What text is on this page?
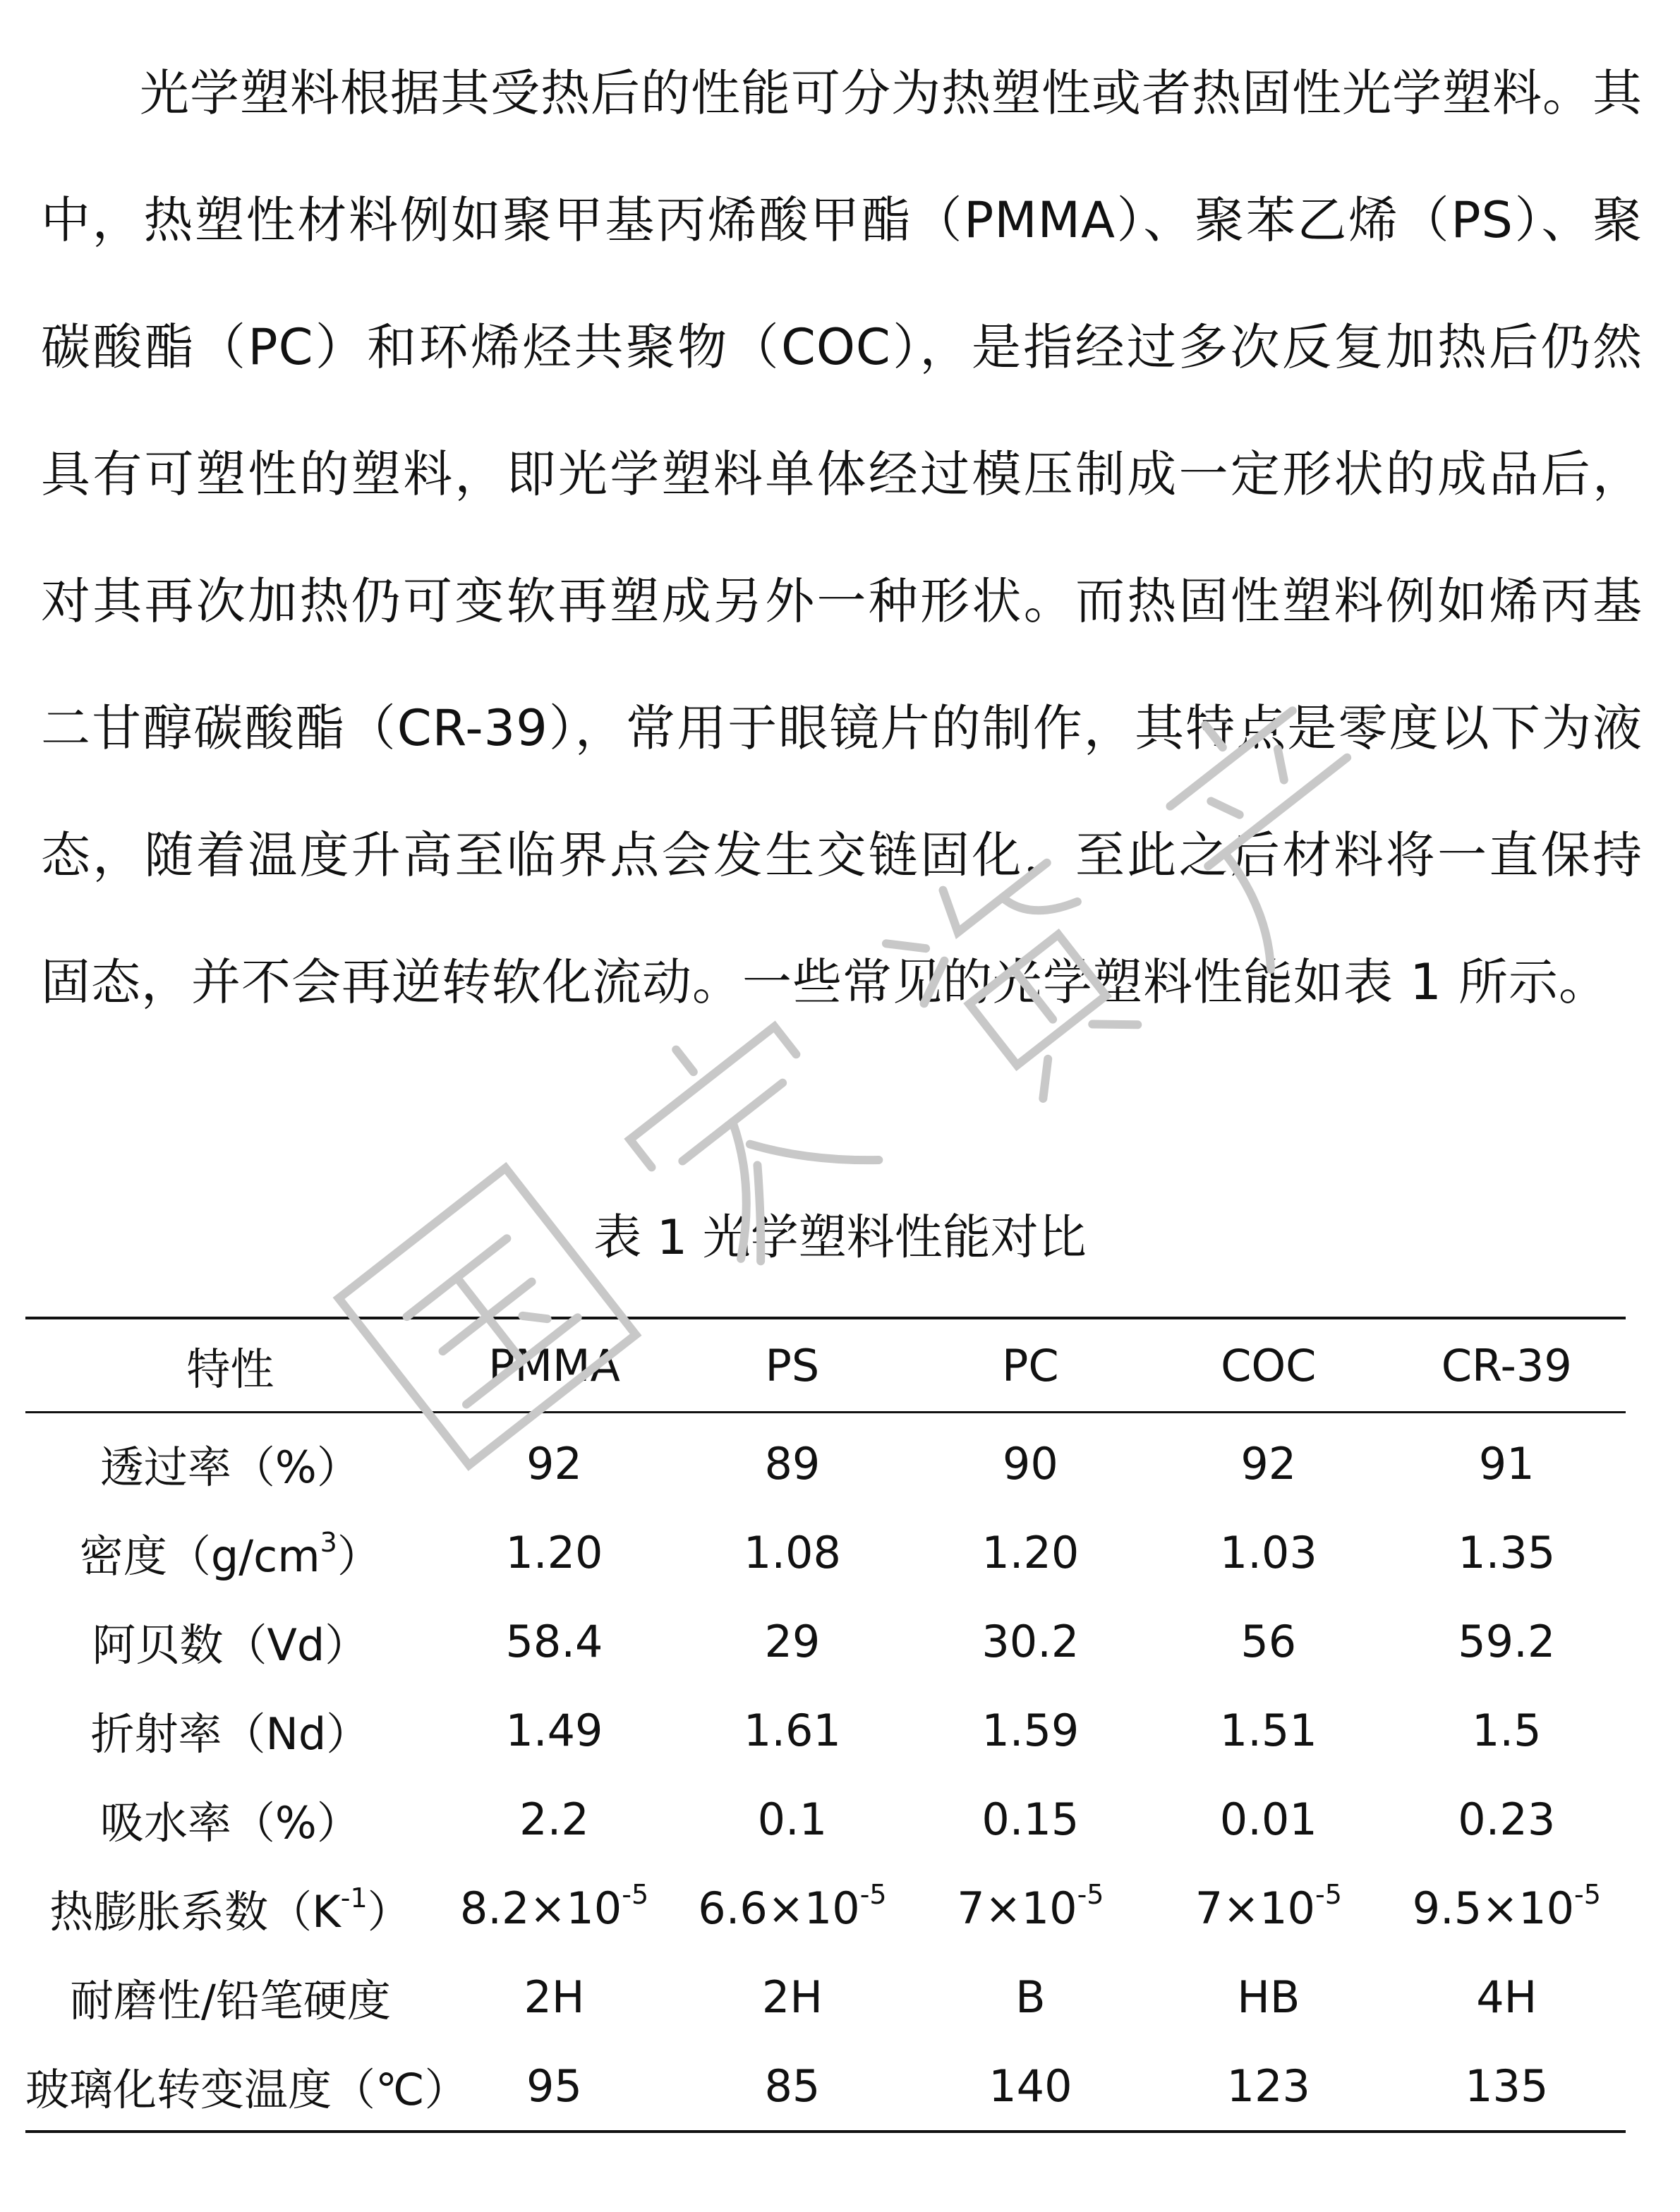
光学塑料根据其受热后的性能可分为热塑性或者热固性光学塑料。其中，热塑性材料例如聚甲基丙烯酸甲酯（PMMA）、聚苯乙烯（PS）、聚碳酸酯（PC）和环烯烃共聚物（COC），是指经过多次反复加热后仍然具有可塑性的塑料，即光学塑料单体经过模压制成一定形状的成品后，对其再次加热仍可变软再塑成另外一种形状。而热固性塑料例如烯丙基二甘醇碳酸酯（CR-39），常用于眼镜片的制作，其特点是零度以下为液态，随着温度升高至临界点会发生交链固化，至此之后材料将一直保持固态，并不会再逆转软化流动。一些常见的光学塑料性能如表 1 所示。

表 1 光学塑料性能对比
特性	PMMA	PS	PC	COC	CR-39
透过率（%）	92	89	90	92	91
密度$(g/cm^3)$	1.20	1.08	1.20	1.03	1.35
阿贝数（Vd）	58.4	29	30.2	56	59.2
折射率（Nd）	1.49	1.61	1.59	1.51	1.5
吸水率（%）	2.2	0.1	0.15	0.01	0.23
热膨胀系数$(K^{-1})$	$8.2\times 10^{-5}$	$6.6\times 10^{-5}$	$7\times 10^{-5}$	$7\times 10^{-5}$	$9.5\times 10^{-5}$
耐磨性/铅笔硬度	2H	2H	B	HB	4H
玻璃化转变温度（℃）	95	85	140	123	135
